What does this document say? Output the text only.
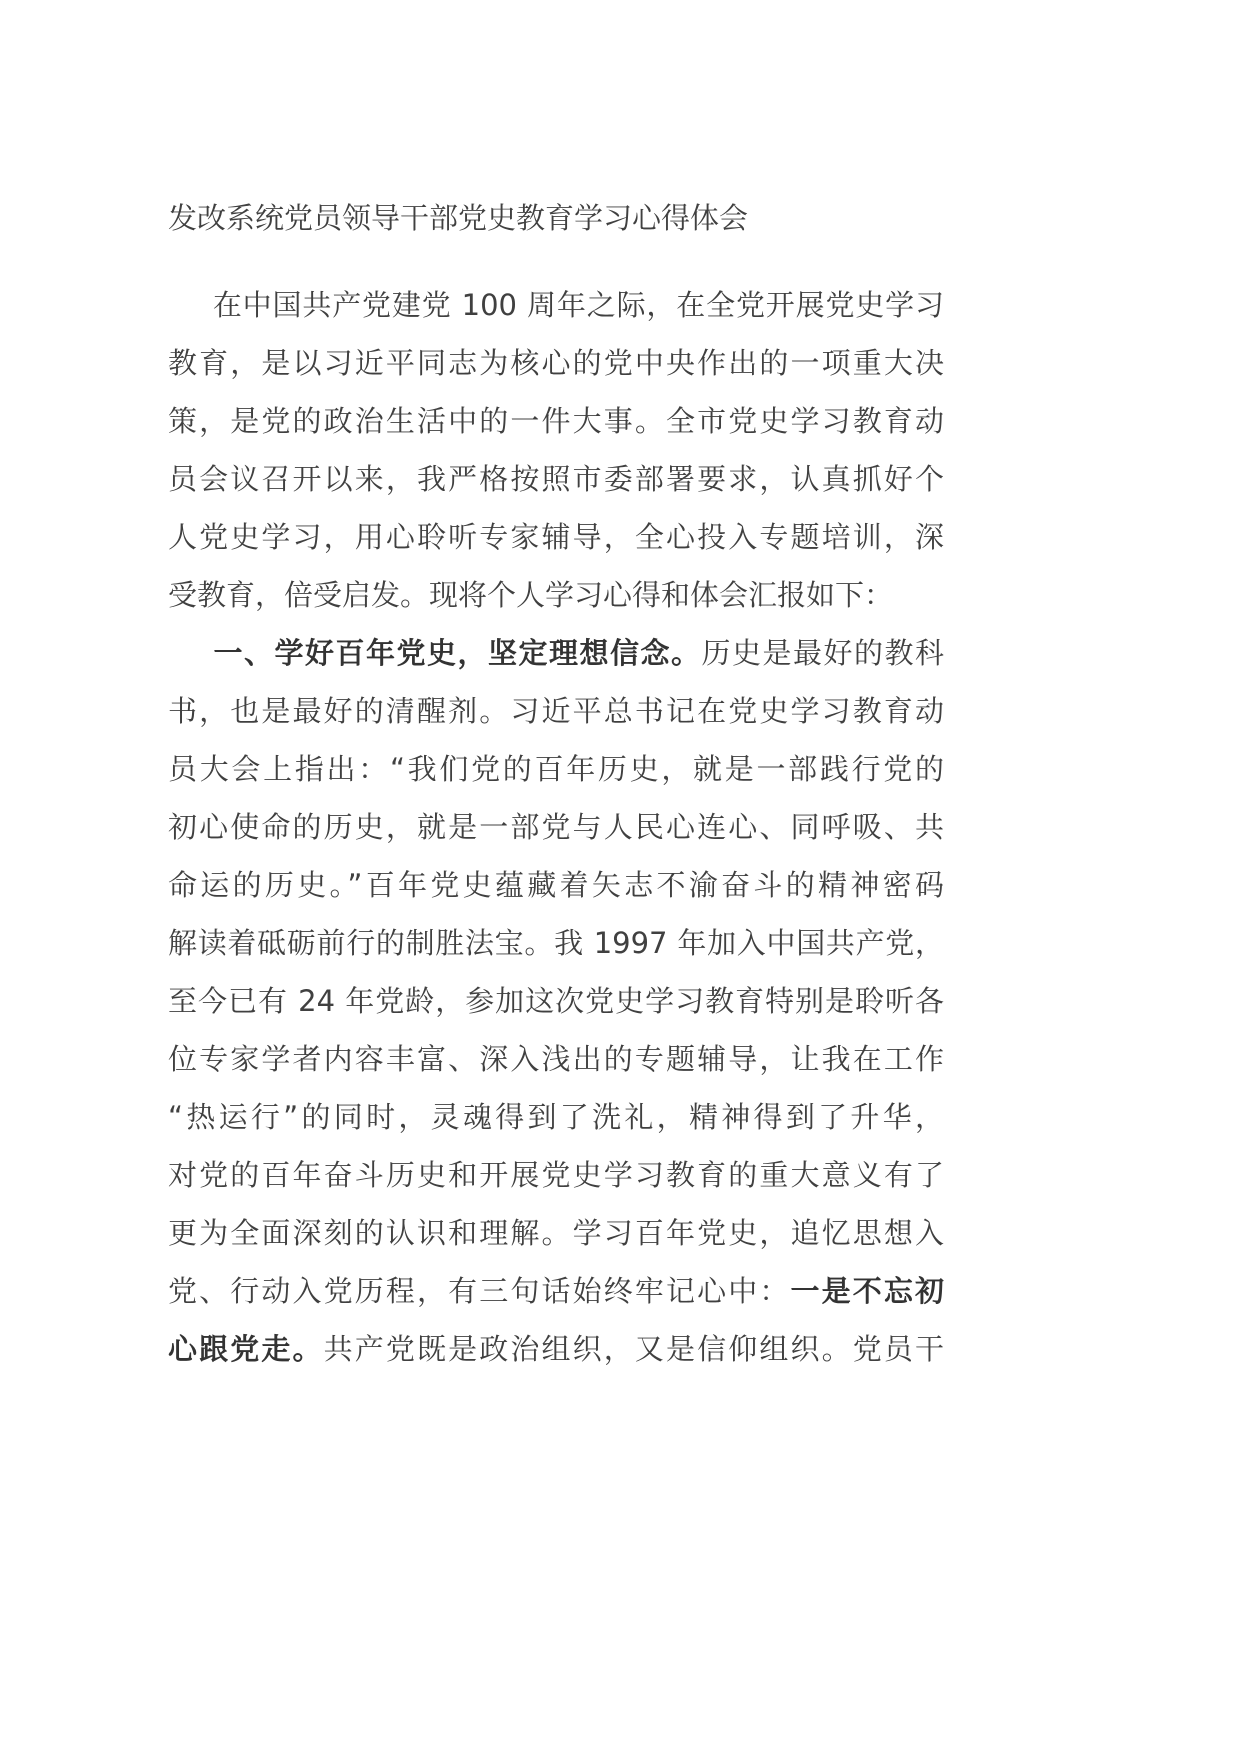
发改系统党员领导干部党史教育学习心得体会
在中国共产党建党 100 周年之际，在全党开展党史学习
教育，是以习近平同志为核心的党中央作出的一项重大决
策，是党的政治生活中的一件大事。全市党史学习教育动
员会议召开以来，我严格按照市委部署要求，认真抓好个
人党史学习，用心聆听专家辅导，全心投入专题培训，深
受教育，倍受启发。现将个人学习心得和体会汇报如下：
一、学好百年党史，坚定理想信念。历史是最好的教科
书，也是最好的清醒剂。习近平总书记在党史学习教育动
员大会上指出：“我们党的百年历史，就是一部践行党的
初心使命的历史，就是一部党与人民心连心、同呼吸、共
命运的历史。”百年党史蕴藏着矢志不渝奋斗的精神密码
解读着砥砺前行的制胜法宝。我 1997 年加入中国共产党，
至今已有 24 年党龄，参加这次党史学习教育特别是聆听各
位专家学者内容丰富、深入浅出的专题辅导，让我在工作
“热运行”的同时，灵魂得到了洗礼，精神得到了升华，
对党的百年奋斗历史和开展党史学习教育的重大意义有了
更为全面深刻的认识和理解。学习百年党史，追忆思想入
党、行动入党历程，有三句话始终牢记心中：一是不忘初
心跟党走。共产党既是政治组织，又是信仰组织。党员干
